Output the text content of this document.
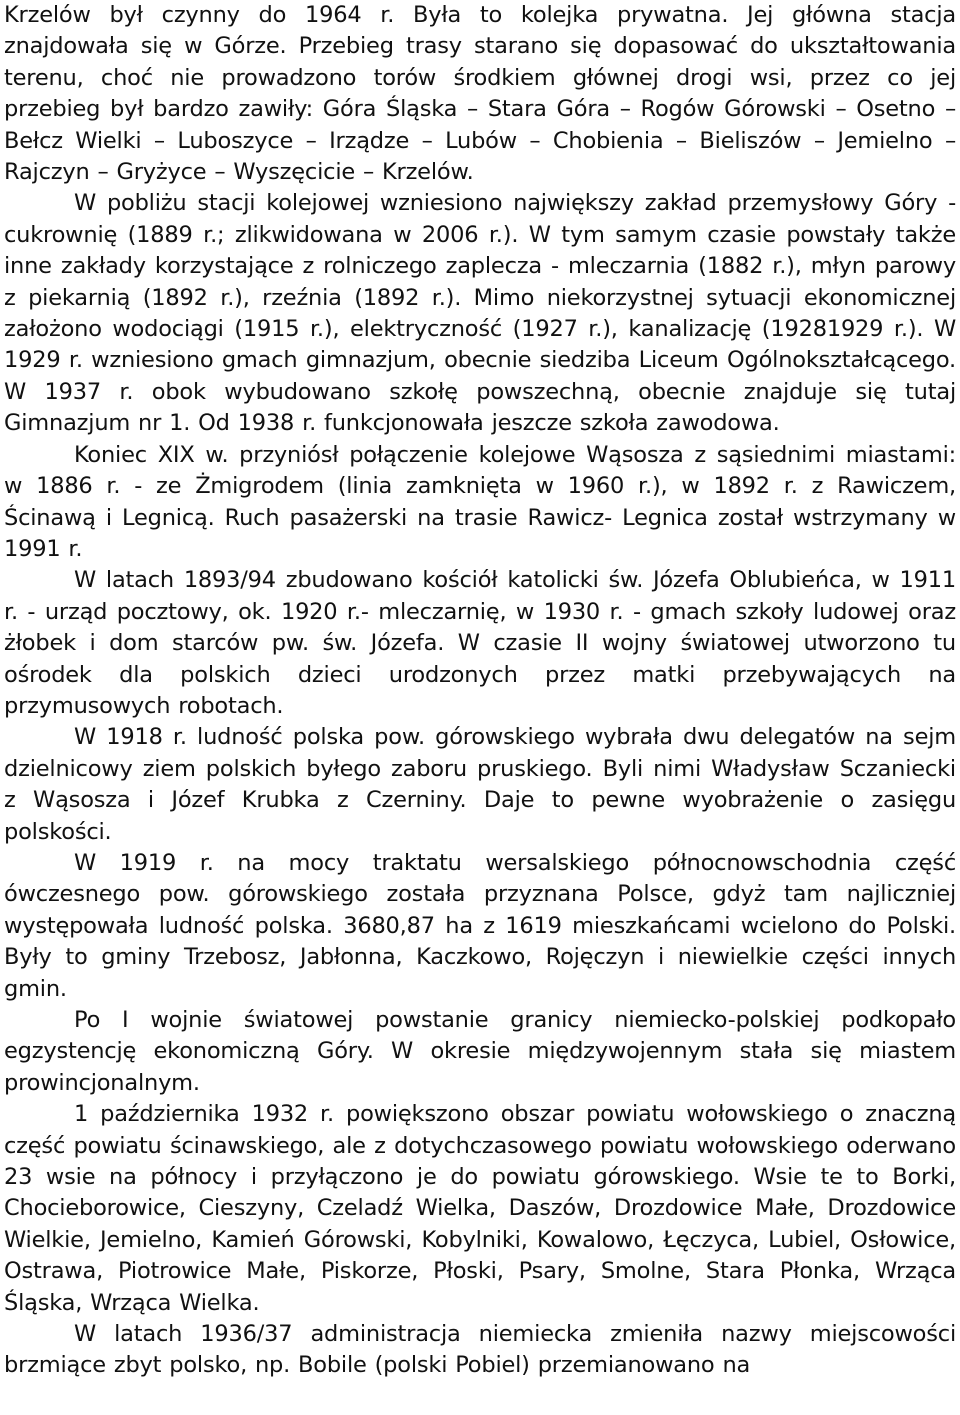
Krzelów był czynny do 1964 r. Była to kolejka prywatna. Jej główna stacja znajdowała się w Górze. Przebieg trasy starano się dopasować do ukształtowania terenu, choć nie prowadzono torów środkiem głównej drogi wsi, przez co jej przebieg był bardzo zawiły: Góra Śląska – Stara Góra – Rogów Górowski – Osetno – Bełcz Wielki – Luboszyce – Irządze – Lubów – Chobienia – Bieliszów – Jemielno – Rajczyn – Gryżyce – Wyszęcicie – Krzelów.

W pobliżu stacji kolejowej wzniesiono największy zakład przemysłowy Góry - cukrownię (1889 r.; zlikwidowana w 2006 r.). W tym samym czasie powstały także inne zakłady korzystające z rolniczego zaplecza - mleczarnia (1882 r.), młyn parowy z piekarnią (1892 r.), rzeźnia (1892 r.). Mimo niekorzystnej sytuacji ekonomicznej założono wodociągi (1915 r.), elektryczność (1927 r.), kanalizację (19281929 r.). W 1929 r. wzniesiono gmach gimnazjum, obecnie siedziba Liceum Ogólnokształcącego. W 1937 r. obok wybudowano szkołę powszechną, obecnie znajduje się tutaj Gimnazjum nr 1. Od 1938 r. funkcjonowała jeszcze szkoła zawodowa.

Koniec XIX w. przyniósł połączenie kolejowe Wąsosza z sąsiednimi miastami: w 1886 r. - ze Żmigrodem (linia zamknięta w 1960 r.), w 1892 r. z Rawiczem, Ścinawą i Legnicą. Ruch pasażerski na trasie Rawicz- Legnica został wstrzymany w 1991 r.

W latach 1893/94 zbudowano kościół katolicki św. Józefa Oblubieńca, w 1911 r. - urząd pocztowy, ok. 1920 r.- mleczarnię, w 1930 r. - gmach szkoły ludowej oraz żłobek i dom starców pw. św. Józefa. W czasie II wojny światowej utworzono tu ośrodek dla polskich dzieci urodzonych przez matki przebywających na przymusowych robotach.

W 1918 r. ludność polska pow. górowskiego wybrała dwu delegatów na sejm dzielnicowy ziem polskich byłego zaboru pruskiego. Byli nimi Władysław Sczaniecki z Wąsosza i Józef Krubka z Czerniny. Daje to pewne wyobrażenie o zasięgu polskości.

W 1919 r. na mocy traktatu wersalskiego północnowschodnia część ówczesnego pow. górowskiego została przyznana Polsce, gdyż tam najliczniej występowała ludność polska. 3680,87 ha z 1619 mieszkańcami wcielono do Polski. Były to gminy Trzebosz, Jabłonna, Kaczkowo, Rojęczyn i niewielkie części innych gmin.

Po I wojnie światowej powstanie granicy niemiecko-polskiej podkopało egzystencję ekonomiczną Góry. W okresie międzywojennym stała się miastem prowincjonalnym.

1 października 1932 r. powiększono obszar powiatu wołowskiego o znaczną część powiatu ścinawskiego, ale z dotychczasowego powiatu wołowskiego oderwano 23 wsie na północy i przyłączono je do powiatu górowskiego. Wsie te to Borki, Chocieborowice, Cieszyny, Czeladź Wielka, Daszów, Drozdowice Małe, Drozdowice Wielkie, Jemielno, Kamień Górowski, Kobylniki, Kowalowo, Łęczyca, Lubiel, Osłowice, Ostrawa, Piotrowice Małe, Piskorze, Płoski, Psary, Smolne, Stara Płonka, Wrząca Śląska, Wrząca Wielka.

W latach 1936/37 administracja niemiecka zmieniła nazwy miejscowości brzmiące zbyt polsko, np. Bobile (polski Pobiel) przemianowano na
